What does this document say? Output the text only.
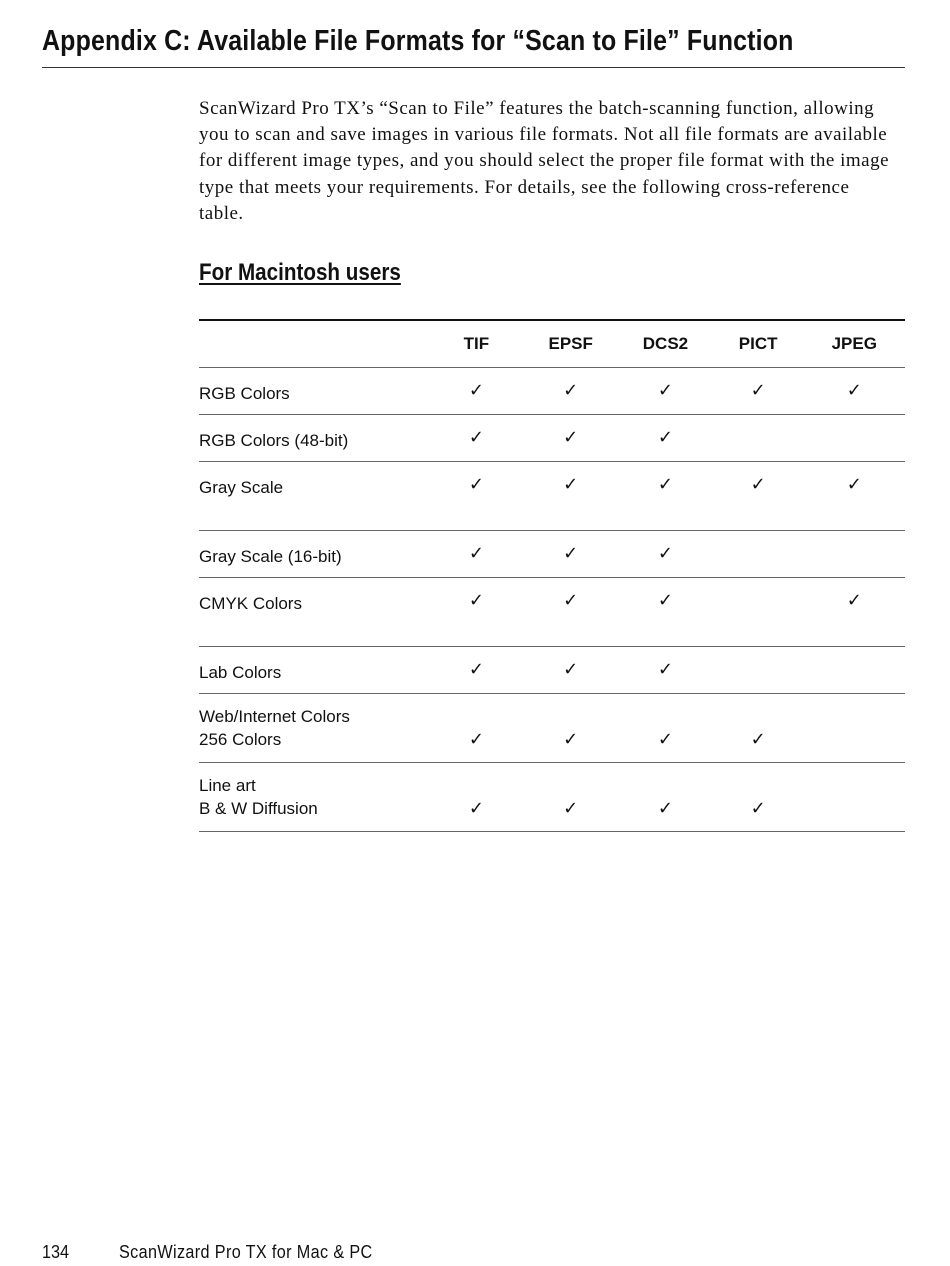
Appendix C: Available File Formats for “Scan to File” Function

ScanWizard Pro TX’s “Scan to File” features the batch-scanning function, allowing you to scan and save images in various file formats. Not all file formats are available for different image types, and you should select the proper file format with the image type that meets your requirements. For details, see the following cross-reference table.

For Macintosh users
	TIF	EPSF	DCS2	PICT	JPEG

RGB Colors	✓	✓	✓	✓	✓

RGB Colors (48-bit)	✓	✓	✓		

Gray Scale	✓	✓	✓	✓	✓

Gray Scale (16-bit)	✓	✓	✓		

CMYK Colors	✓	✓	✓		✓

Lab Colors	✓	✓	✓		

Web/Internet Colors
256 Colors	✓	✓	✓	✓	

Line art
B & W Diffusion	✓	✓	✓	✓	
134	ScanWizard Pro TX for Mac & PC
